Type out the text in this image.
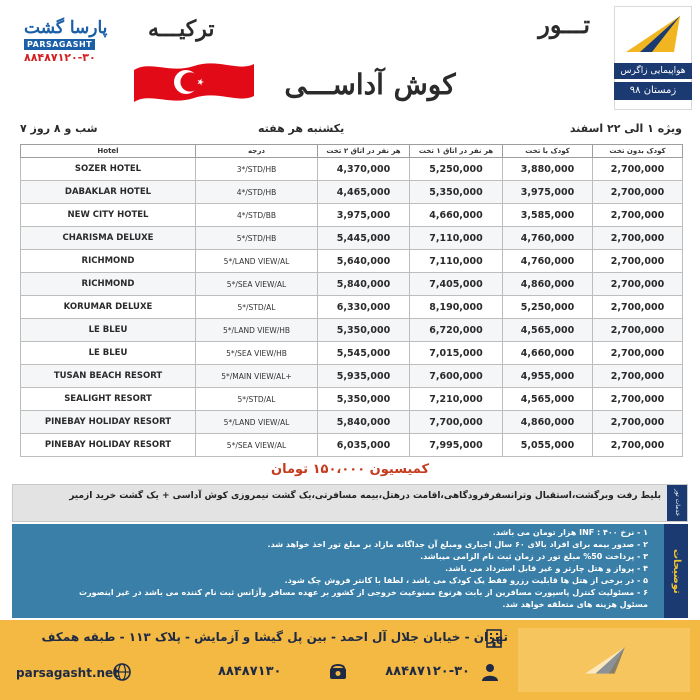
هواپیمایی زاگرس
زمستان ۹۸
تـــور
ترکیـــه
کوش آداســـی
پارسا گشت
PARSAGASHT
۸۸۴۸۷۱۲۰-۳۰
ویژه ۱ الی ۲۲ اسفند
یکشنبه هر هفته
۷ شب و ۸ روز
Hotel	درجه	هر نفر در اتاق ۲ تخت	هر نفر در اتاق ۱ تخت	کودک با تخت	کودک بدون تخت
SOZER HOTEL	3*/STD/HB	4,370,000	5,250,000	3,880,000	2,700,000
DABAKLAR HOTEL	4*/STD/HB	4,465,000	5,350,000	3,975,000	2,700,000
NEW CITY HOTEL	4*/STD/BB	3,975,000	4,660,000	3,585,000	2,700,000
CHARISMA DELUXE	5*/STD/HB	5,445,000	7,110,000	4,760,000	2,700,000
RICHMOND	5*/LAND VIEW/AL	5,640,000	7,110,000	4,760,000	2,700,000
RICHMOND	5*/SEA VIEW/AL	5,840,000	7,405,000	4,860,000	2,700,000
KORUMAR DELUXE	5*/STD/AL	6,330,000	8,190,000	5,250,000	2,700,000
LE BLEU	5*/LAND VIEW/HB	5,350,000	6,720,000	4,565,000	2,700,000
LE BLEU	5*/SEA VIEW/HB	5,545,000	7,015,000	4,660,000	2,700,000
TUSAN BEACH RESORT	5*/MAIN VIEW/AL+	5,935,000	7,600,000	4,955,000	2,700,000
SEALIGHT RESORT	5*/STD/AL	5,350,000	7,210,000	4,565,000	2,700,000
PINEBAY HOLIDAY RESORT	5*/LAND VIEW/AL	5,840,000	7,700,000	4,860,000	2,700,000
PINEBAY HOLIDAY RESORT	5*/SEA VIEW/AL	6,035,000	7,995,000	5,055,000	2,700,000
کمیسیون ۱۵۰،۰۰۰ تومان
خدمات تور
بلیط رفت وبرگشت،استقبال وترانسفرفرودگاهی،اقامت درهتل،بیمه مسافرتی،یک گشت نیمروزی کوش آداسی + یک گشت خرید ازمیر
توضیحات
۱ - نرخ INF : ۴۰۰ هزار تومان می باشد.
۲ - صدور بیمه برای افراد بالای ۶۰ سال اجباری ومبلغ آن جداگانه مازاد بر مبلغ تور اخذ خواهد شد.
۳ - پرداخت 50% مبلغ تور در زمان ثبت نام الزامی میباشد.
۴ - پرواز و هتل چارتر و غیر قابل استرداد می باشد.
۵ - در برخی از هتل ها قابلیت رزرو فقط یک کودک می باشد ، لطفا با کانتر فروش چک شود.
۶ - مسئولیت کنترل پاسپورت مسافرین از بابت هرنوع ممنوعیت خروجی از کشور بر عهده مسافر وآژانس ثبت نام کننده می باشد در غیر اینصورت
مسئول هزینه های متعلقه خواهد شد.
تهران - خیابان جلال آل احمد - بین پل گیشا و آزمایش - پلاک ۱۱۳ - طبقه همکف
۸۸۴۸۷۱۲۰-۳۰
۸۸۴۸۷۱۳۰
parsagasht.net
